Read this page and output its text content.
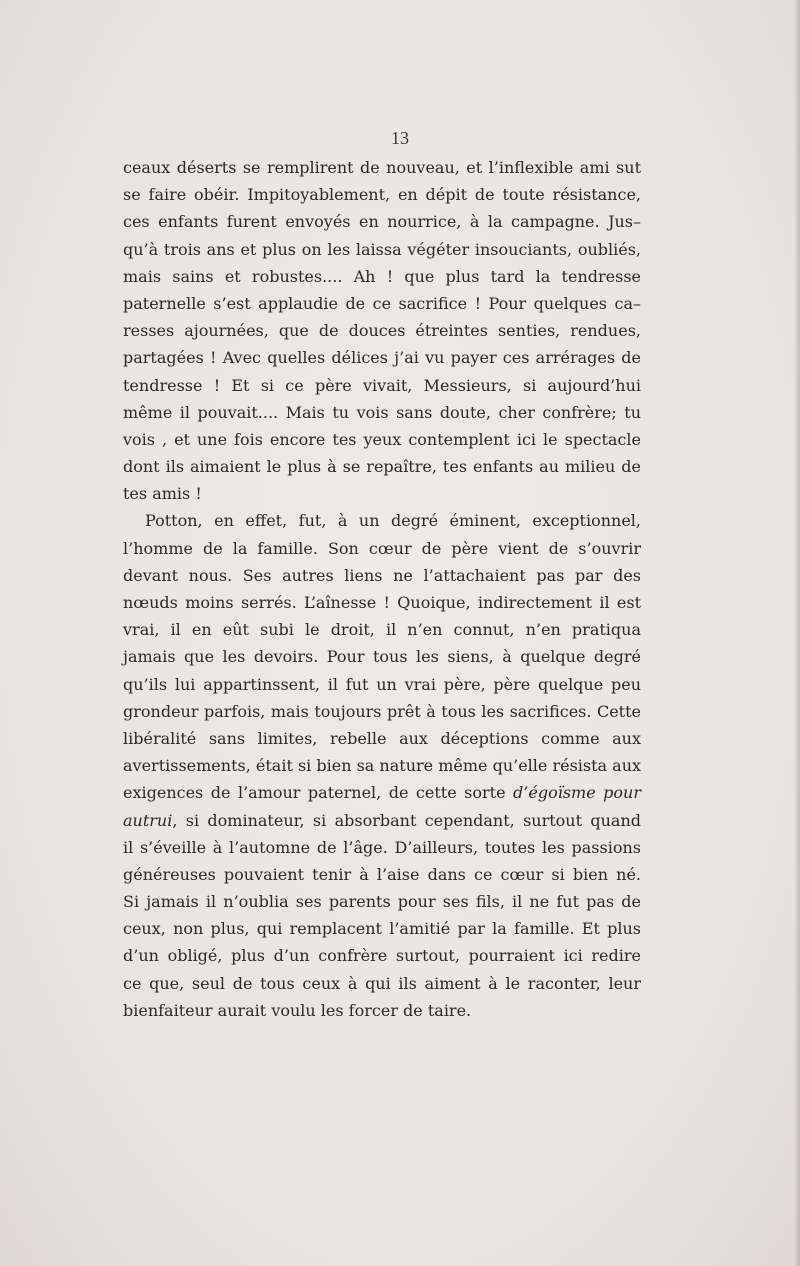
13
ceaux déserts se remplirent de nouveau, et l’inflexible ami sut
se faire obéir. Impitoyablement, en dépit de toute résistance,
ces enfants furent envoyés en nourrice, à la campagne. Jus–
qu’à trois ans et plus on les laissa végéter insouciants, oubliés,
mais sains et robustes.... Ah ! que plus tard la tendresse
paternelle s’est applaudie de ce sacrifice ! Pour quelques ca–
resses ajournées, que de douces étreintes senties, rendues,
partagées ! Avec quelles délices j’ai vu payer ces arrérages de
tendresse ! Et si ce père vivait, Messieurs, si aujourd’hui
même il pouvait.... Mais tu vois sans doute, cher confrère; tu
vois , et une fois encore tes yeux contemplent ici le spectacle
dont ils aimaient le plus à se repaître, tes enfants au milieu de
tes amis !
Potton, en effet, fut, à un degré éminent, exceptionnel,
l’homme de la famille. Son cœur de père vient de s’ouvrir
devant nous. Ses autres liens ne l’attachaient pas par des
nœuds moins serrés. L’aînesse ! Quoique, indirectement il est
vrai, il en eût subi le droit, il n’en connut, n’en pratiqua
jamais que les devoirs. Pour tous les siens, à quelque degré
qu’ils lui appartinssent, il fut un vrai père, père quelque peu
grondeur parfois, mais toujours prêt à tous les sacrifices. Cette
libéralité sans limites, rebelle aux déceptions comme aux
avertissements, était si bien sa nature même qu’elle résista aux
exigences de l’amour paternel, de cette sorte d’égoïsme pour
autrui, si dominateur, si absorbant cependant, surtout quand
il s’éveille à l’automne de l’âge. D’ailleurs, toutes les passions
généreuses pouvaient tenir à l’aise dans ce cœur si bien né.
Si jamais il n’oublia ses parents pour ses fils, il ne fut pas de
ceux, non plus, qui remplacent l’amitié par la famille. Et plus
d’un obligé, plus d’un confrère surtout, pourraient ici redire
ce que, seul de tous ceux à qui ils aiment à le raconter, leur
bienfaiteur aurait voulu les forcer de taire.
